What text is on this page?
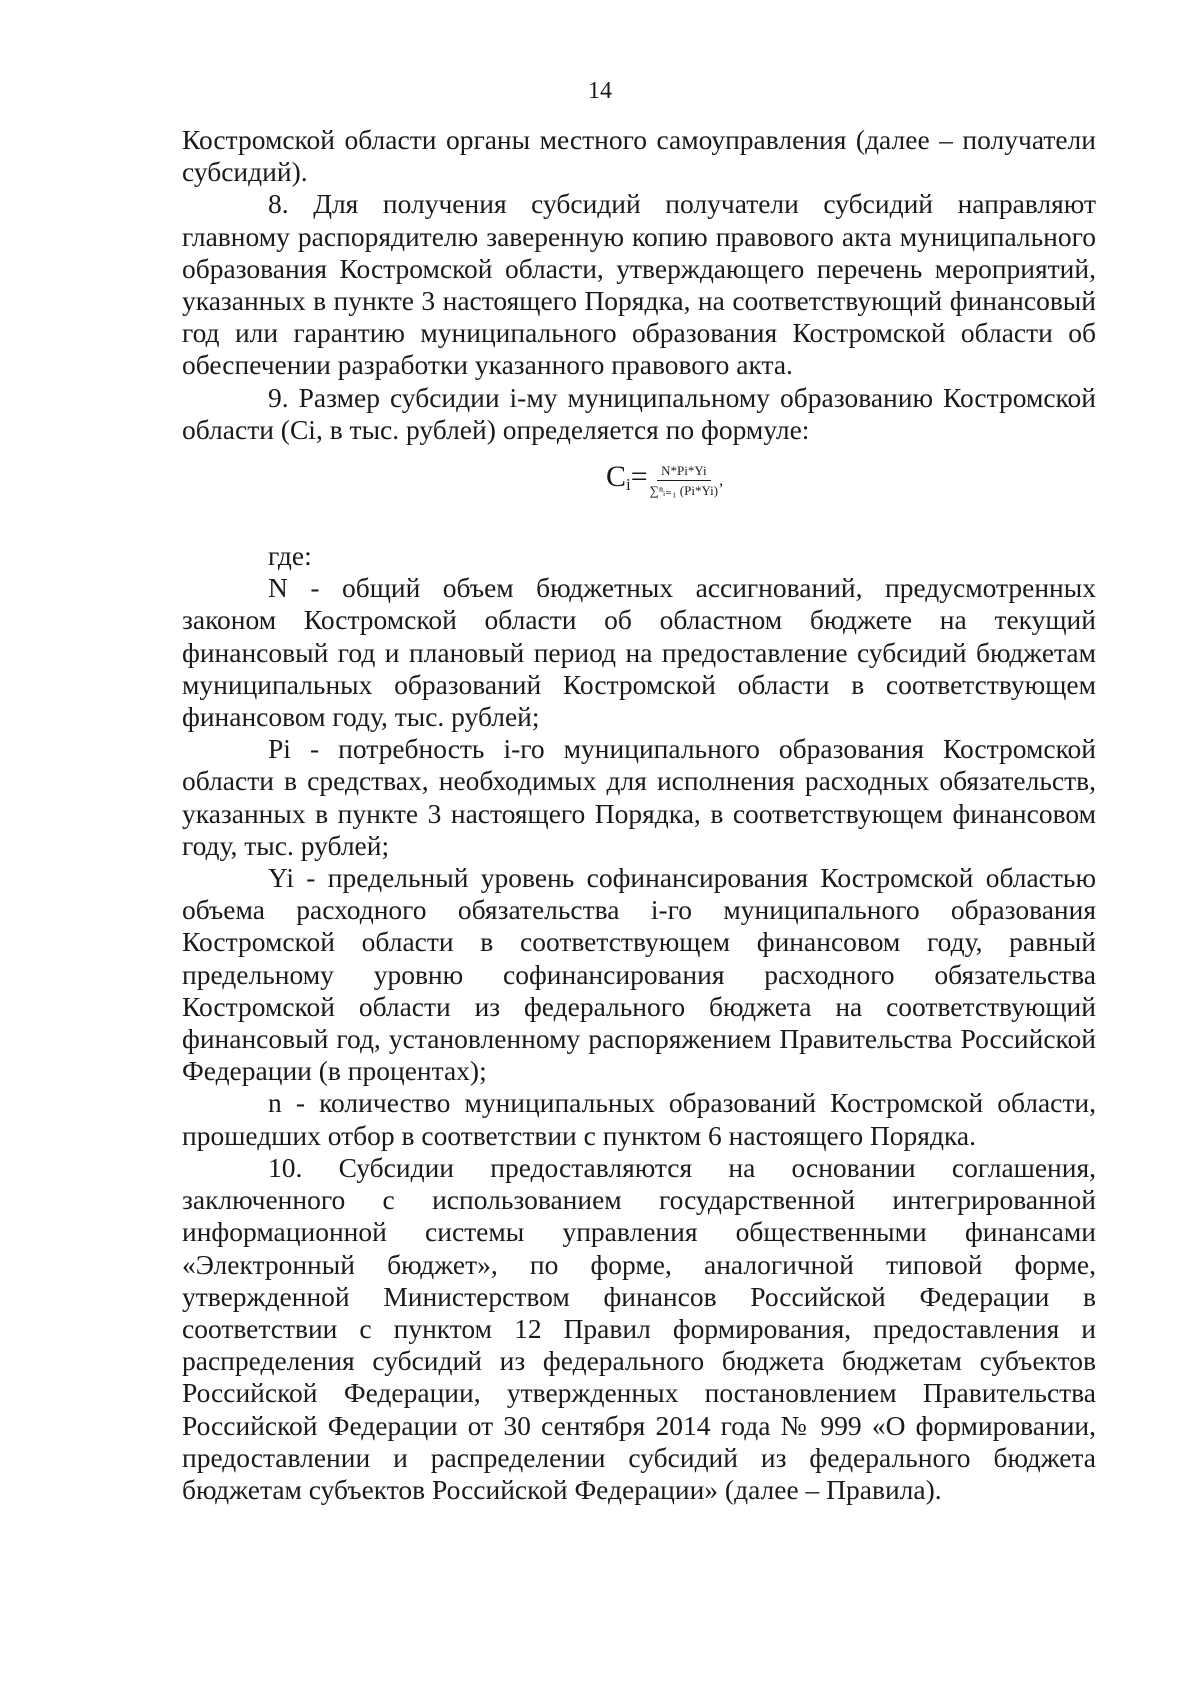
14

Костромской области органы местного самоуправления (далее – получатели субсидий).

8. Для получения субсидий получатели субсидий направляют главному распорядителю заверенную копию правового акта муниципального образования Костромской области, утверждающего перечень мероприятий, указанных в пункте 3 настоящего Порядка, на соответствующий финансовый год или гарантию муниципального образования Костромской области об обеспечении разработки указанного правового акта.

9. Размер субсидии i-му муниципальному образованию Костромской области (Сi, в тыс. рублей) определяется по формуле:

$C_i= \frac{N*Pi*Yi}{\text{∑ⁿᵢ₌₁ (Pi*Yi)}}$ ,

где:

N - общий объем бюджетных ассигнований, предусмотренных законом Костромской области об областном бюджете на текущий финансовый год и плановый период на предоставление субсидий бюджетам муниципальных образований Костромской области в соответствующем финансовом году, тыс. рублей;

Pi - потребность i-го муниципального образования Костромской области в средствах, необходимых для исполнения расходных обязательств, указанных в пункте 3 настоящего Порядка, в соответствующем финансовом году, тыс. рублей;

Yi - предельный уровень софинансирования Костромской областью объема расходного обязательства i-го муниципального образования Костромской области в соответствующем финансовом году, равный предельному уровню софинансирования расходного обязательства Костромской области из федерального бюджета на соответствующий финансовый год, установленному распоряжением Правительства Российской Федерации (в процентах);

n - количество муниципальных образований Костромской области, прошедших отбор в соответствии с пунктом 6 настоящего Порядка.

10. Субсидии предоставляются на основании соглашения, заключенного с использованием государственной интегрированной информационной системы управления общественными финансами «Электронный бюджет», по форме, аналогичной типовой форме, утвержденной Министерством финансов Российской Федерации в соответствии с пунктом 12 Правил формирования, предоставления и распределения субсидий из федерального бюджета бюджетам субъектов Российской Федерации, утвержденных постановлением Правительства Российской Федерации от 30 сентября 2014 года № 999 «О формировании, предоставлении и распределении субсидий из федерального бюджета бюджетам субъектов Российской Федерации» (далее – Правила).
